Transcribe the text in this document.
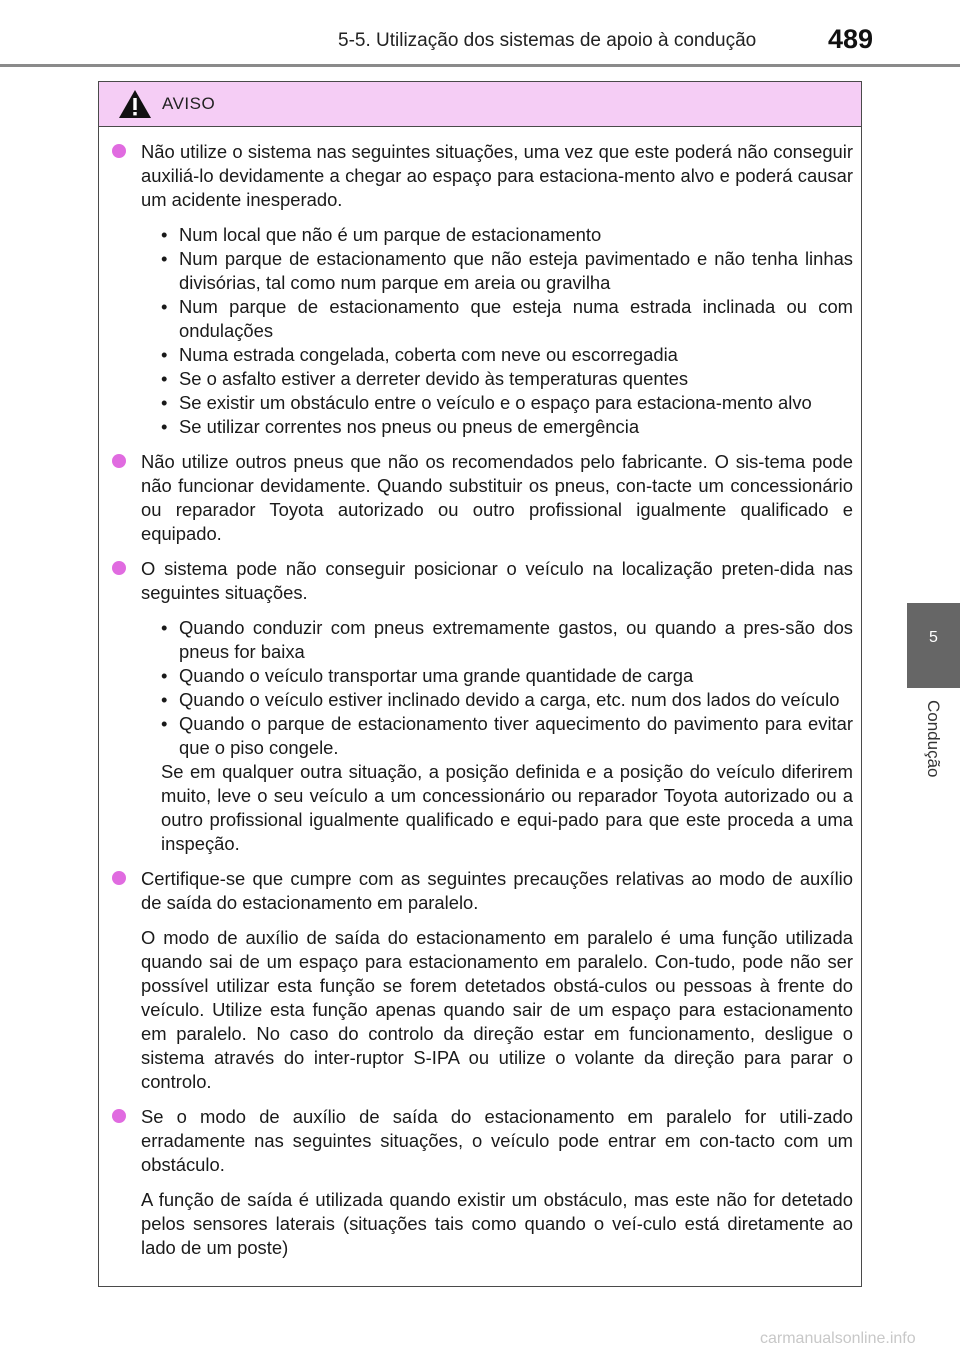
5-5. Utilização dos sistemas de apoio à condução	489
5
Condução
AVISO

Não utilize o sistema nas seguintes situações, uma vez que este poderá não conseguir auxiliá-lo devidamente a chegar ao espaço para estaciona-mento alvo e poderá causar um acidente inesperado.

• Num local que não é um parque de estacionamento
• Num parque de estacionamento que não esteja pavimentado e não tenha linhas divisórias, tal como num parque em areia ou gravilha
• Num parque de estacionamento que esteja numa estrada inclinada ou com ondulações
• Numa estrada congelada, coberta com neve ou escorregadia
• Se o asfalto estiver a derreter devido às temperaturas quentes
• Se existir um obstáculo entre o veículo e o espaço para estaciona-mento alvo
• Se utilizar correntes nos pneus ou pneus de emergência

Não utilize outros pneus que não os recomendados pelo fabricante. O sis-tema pode não funcionar devidamente. Quando substituir os pneus, con-tacte um concessionário ou reparador Toyota autorizado ou outro profissional igualmente qualificado e equipado.

O sistema pode não conseguir posicionar o veículo na localização preten-dida nas seguintes situações.

• Quando conduzir com pneus extremamente gastos, ou quando a pres-são dos pneus for baixa
• Quando o veículo transportar uma grande quantidade de carga
• Quando o veículo estiver inclinado devido a carga, etc. num dos lados do veículo
• Quando o parque de estacionamento tiver aquecimento do pavimento para evitar que o piso congele.

Se em qualquer outra situação, a posição definida e a posição do veículo diferirem muito, leve o seu veículo a um concessionário ou reparador Toyota autorizado ou a outro profissional igualmente qualificado e equi-pado para que este proceda a uma inspeção.

Certifique-se que cumpre com as seguintes precauções relativas ao modo de auxílio de saída do estacionamento em paralelo.

O modo de auxílio de saída do estacionamento em paralelo é uma função utilizada quando sai de um espaço para estacionamento em paralelo. Con-tudo, pode não ser possível utilizar esta função se forem detetados obstá-culos ou pessoas à frente do veículo. Utilize esta função apenas quando sair de um espaço para estacionamento em paralelo. No caso do controlo da direção estar em funcionamento, desligue o sistema através do inter-ruptor S-IPA ou utilize o volante da direção para parar o controlo.

Se o modo de auxílio de saída do estacionamento em paralelo for utili-zado erradamente nas seguintes situações, o veículo pode entrar em con-tacto com um obstáculo.

A função de saída é utilizada quando existir um obstáculo, mas este não for detetado pelos sensores laterais (situações tais como quando o veí-culo está diretamente ao lado de um poste)

carmanualsonline.info
